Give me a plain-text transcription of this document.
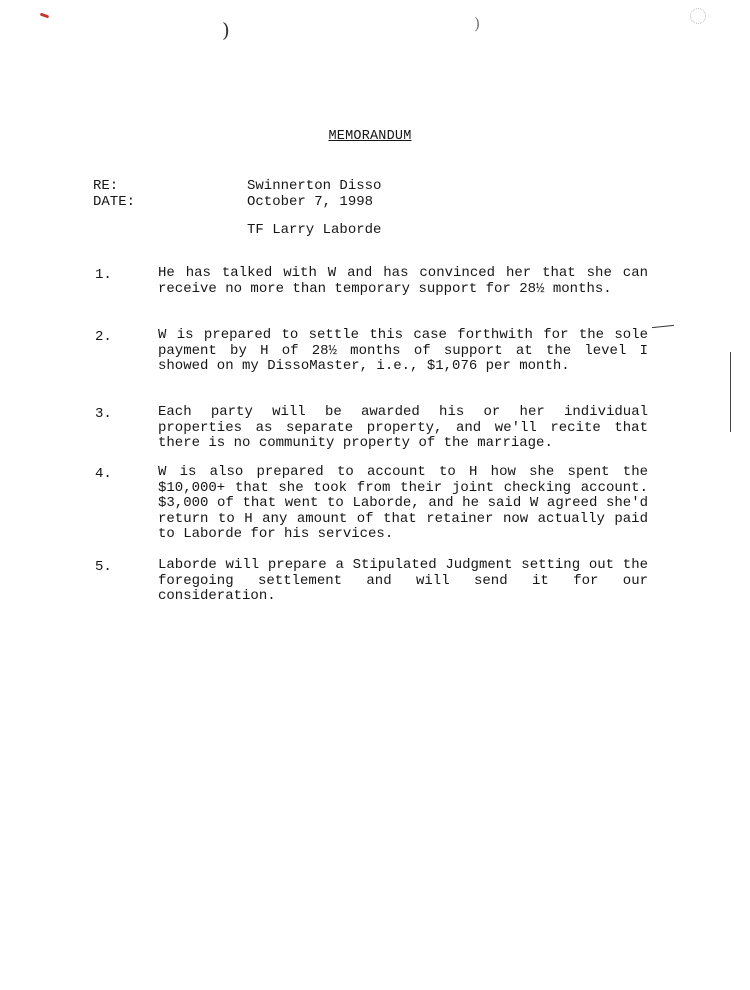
)	)
MEMORANDUM
RE:	Swinnerton Disso
DATE:	October 7, 1998
TF Larry Laborde
1.	He has talked with W and has convinced her that she can receive no more than temporary support for 28½ months.
2.	W is prepared to settle this case forthwith for the sole payment by H of 28½ months of support at the level I showed on my DissoMaster, i.e., $1,076 per month.
3.	Each party will be awarded his or her individual properties as separate property, and we'll recite that there is no community property of the marriage.
4.	W is also prepared to account to H how she spent the $10,000+ that she took from their joint checking account. $3,000 of that went to Laborde, and he said W agreed she'd return to H any amount of that retainer now actually paid to Laborde for his services.
5.	Laborde will prepare a Stipulated Judgment setting out the foregoing settlement and will send it for our consideration.
